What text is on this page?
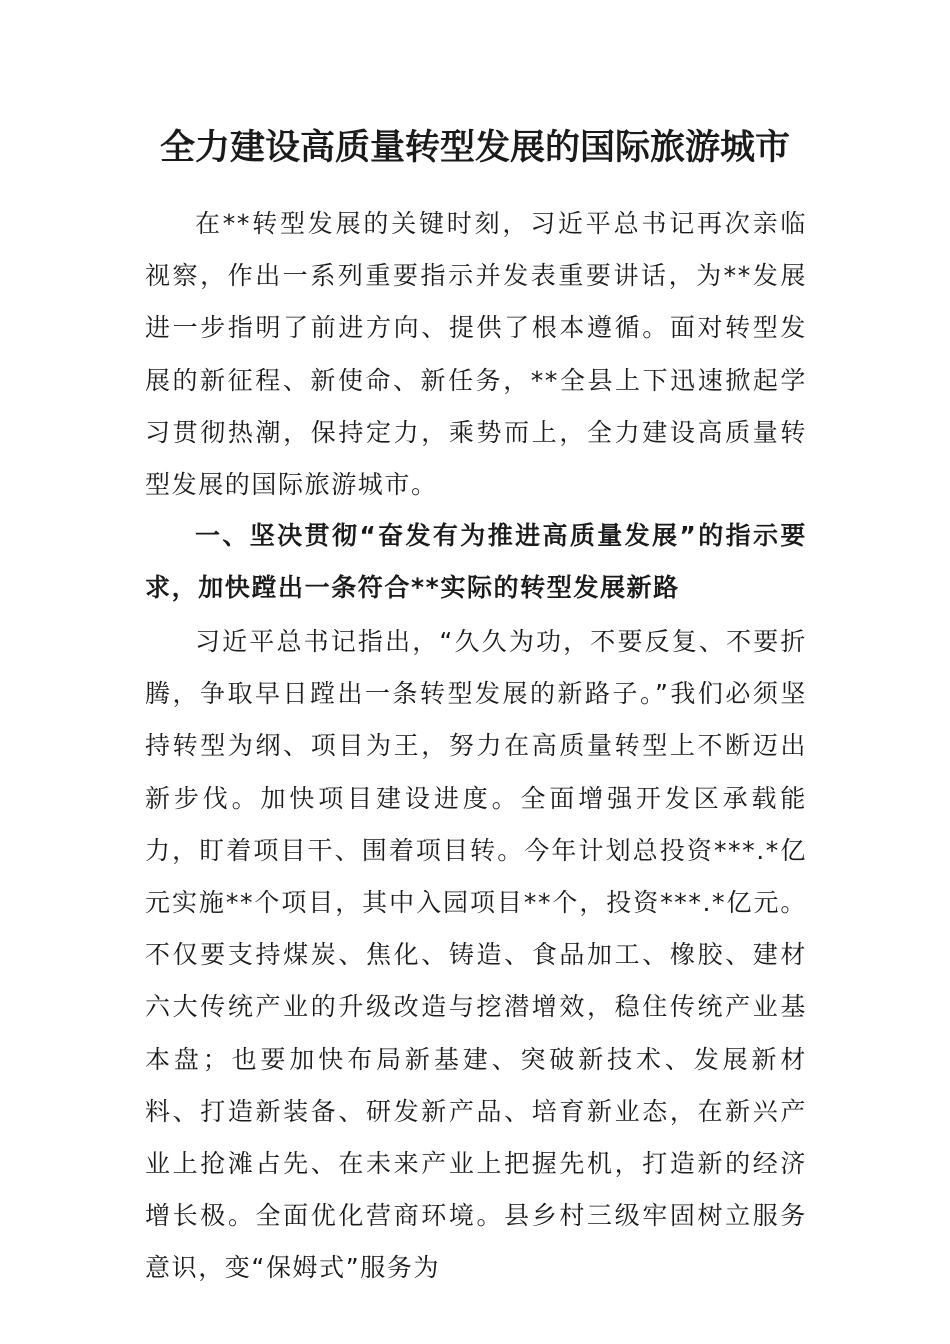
全力建设高质量转型发展的国际旅游城市

在**转型发展的关键时刻，习近平总书记再次亲临视察，作出一系列重要指示并发表重要讲话，为**发展进一步指明了前进方向、提供了根本遵循。面对转型发展的新征程、新使命、新任务，**全县上下迅速掀起学习贯彻热潮，保持定力，乘势而上，全力建设高质量转型发展的国际旅游城市。

一、坚决贯彻“奋发有为推进高质量发展”的指示要求，加快蹚出一条符合**实际的转型发展新路

习近平总书记指出，“久久为功，不要反复、不要折腾，争取早日蹚出一条转型发展的新路子。”我们必须坚持转型为纲、项目为王，努力在高质量转型上不断迈出新步伐。加快项目建设进度。全面增强开发区承载能力，盯着项目干、围着项目转。今年计划总投资***.*亿元实施**个项目，其中入园项目**个，投资***.*亿元。不仅要支持煤炭、焦化、铸造、食品加工、橡胶、建材六大传统产业的升级改造与挖潜增效，稳住传统产业基本盘；也要加快布局新基建、突破新技术、发展新材料、打造新装备、研发新产品、培育新业态，在新兴产业上抢滩占先、在未来产业上把握先机，打造新的经济增长极。全面优化营商环境。县乡村三级牢固树立服务意识，变“保姆式”服务为
